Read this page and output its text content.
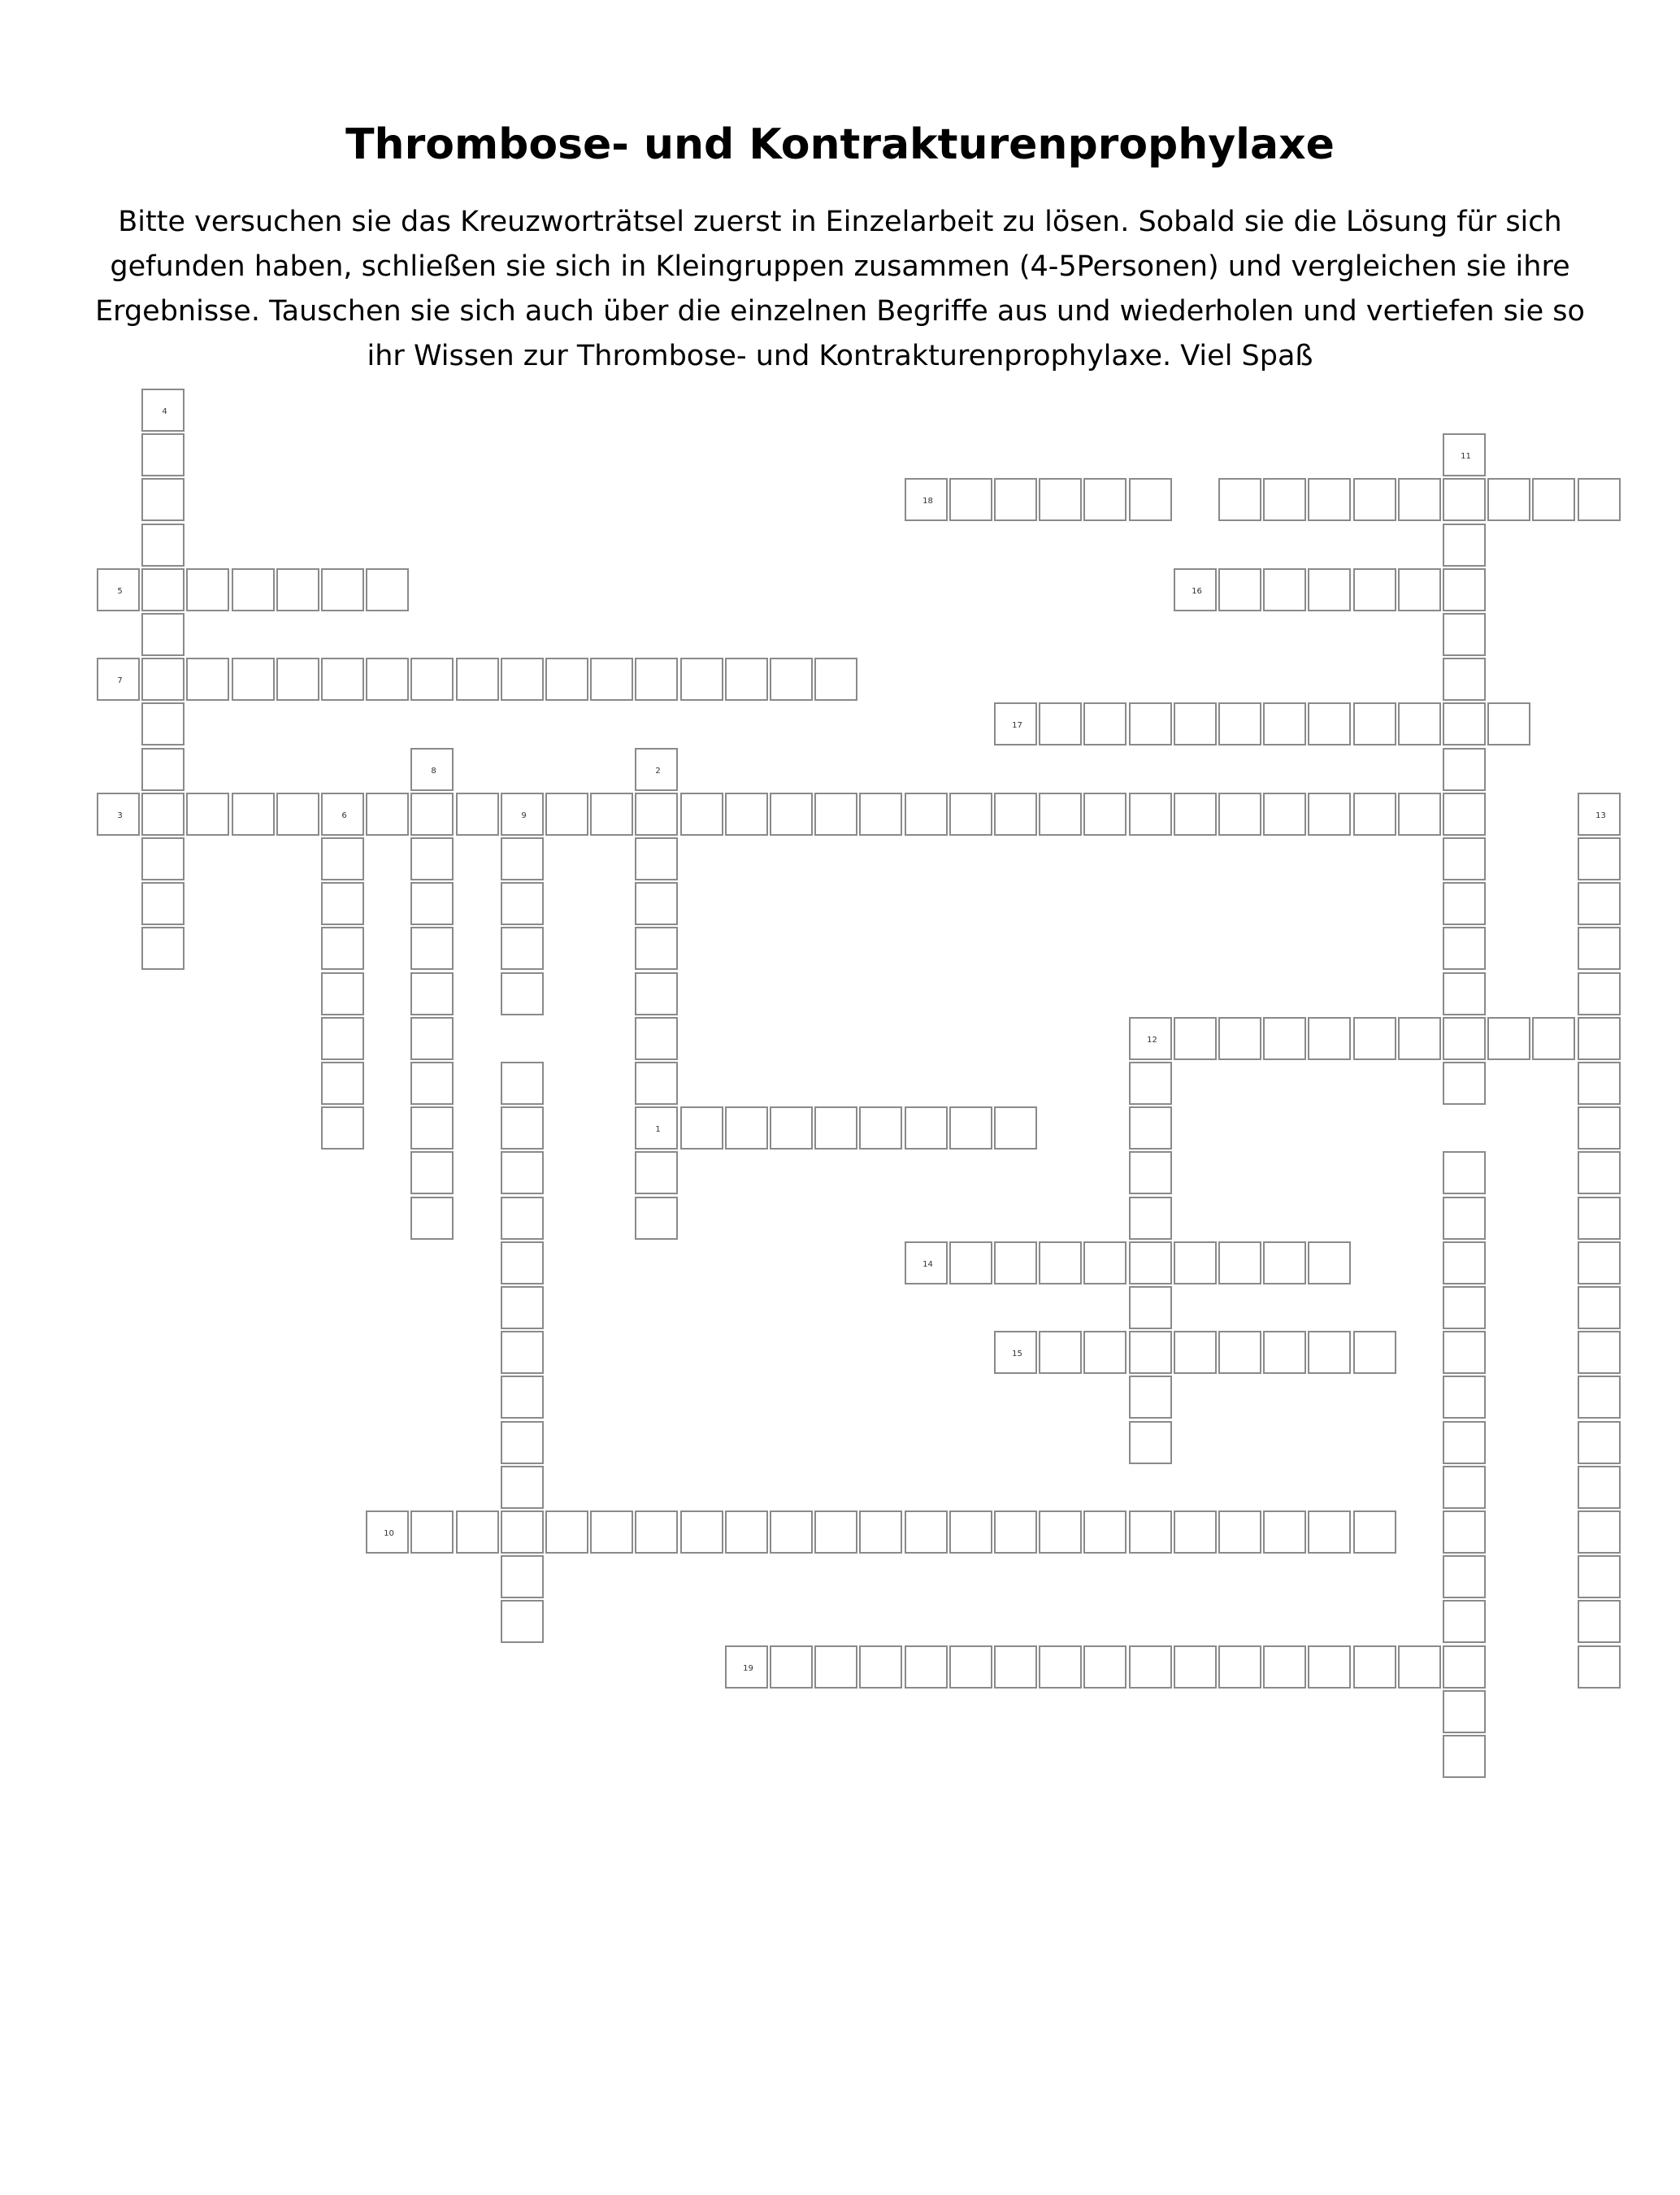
Thrombose- und Kontrakturenprophylaxe

Bitte versuchen sie das Kreuzworträtsel zuerst in Einzelarbeit zu lösen. Sobald sie die Lösung für sich gefunden haben, schließen sie sich in Kleingruppen zusammen (4-5Personen) und vergleichen sie ihre Ergebnisse. Tauschen sie sich auch über die einzelnen Begriffe aus und wiederholen und vertiefen sie so ihr Wissen zur Thrombose- und Kontrakturenprophylaxe. Viel Spaß

1
2
3	6	9
4
5
7
8
10
11
12
13
14
15
16
17
18
19
